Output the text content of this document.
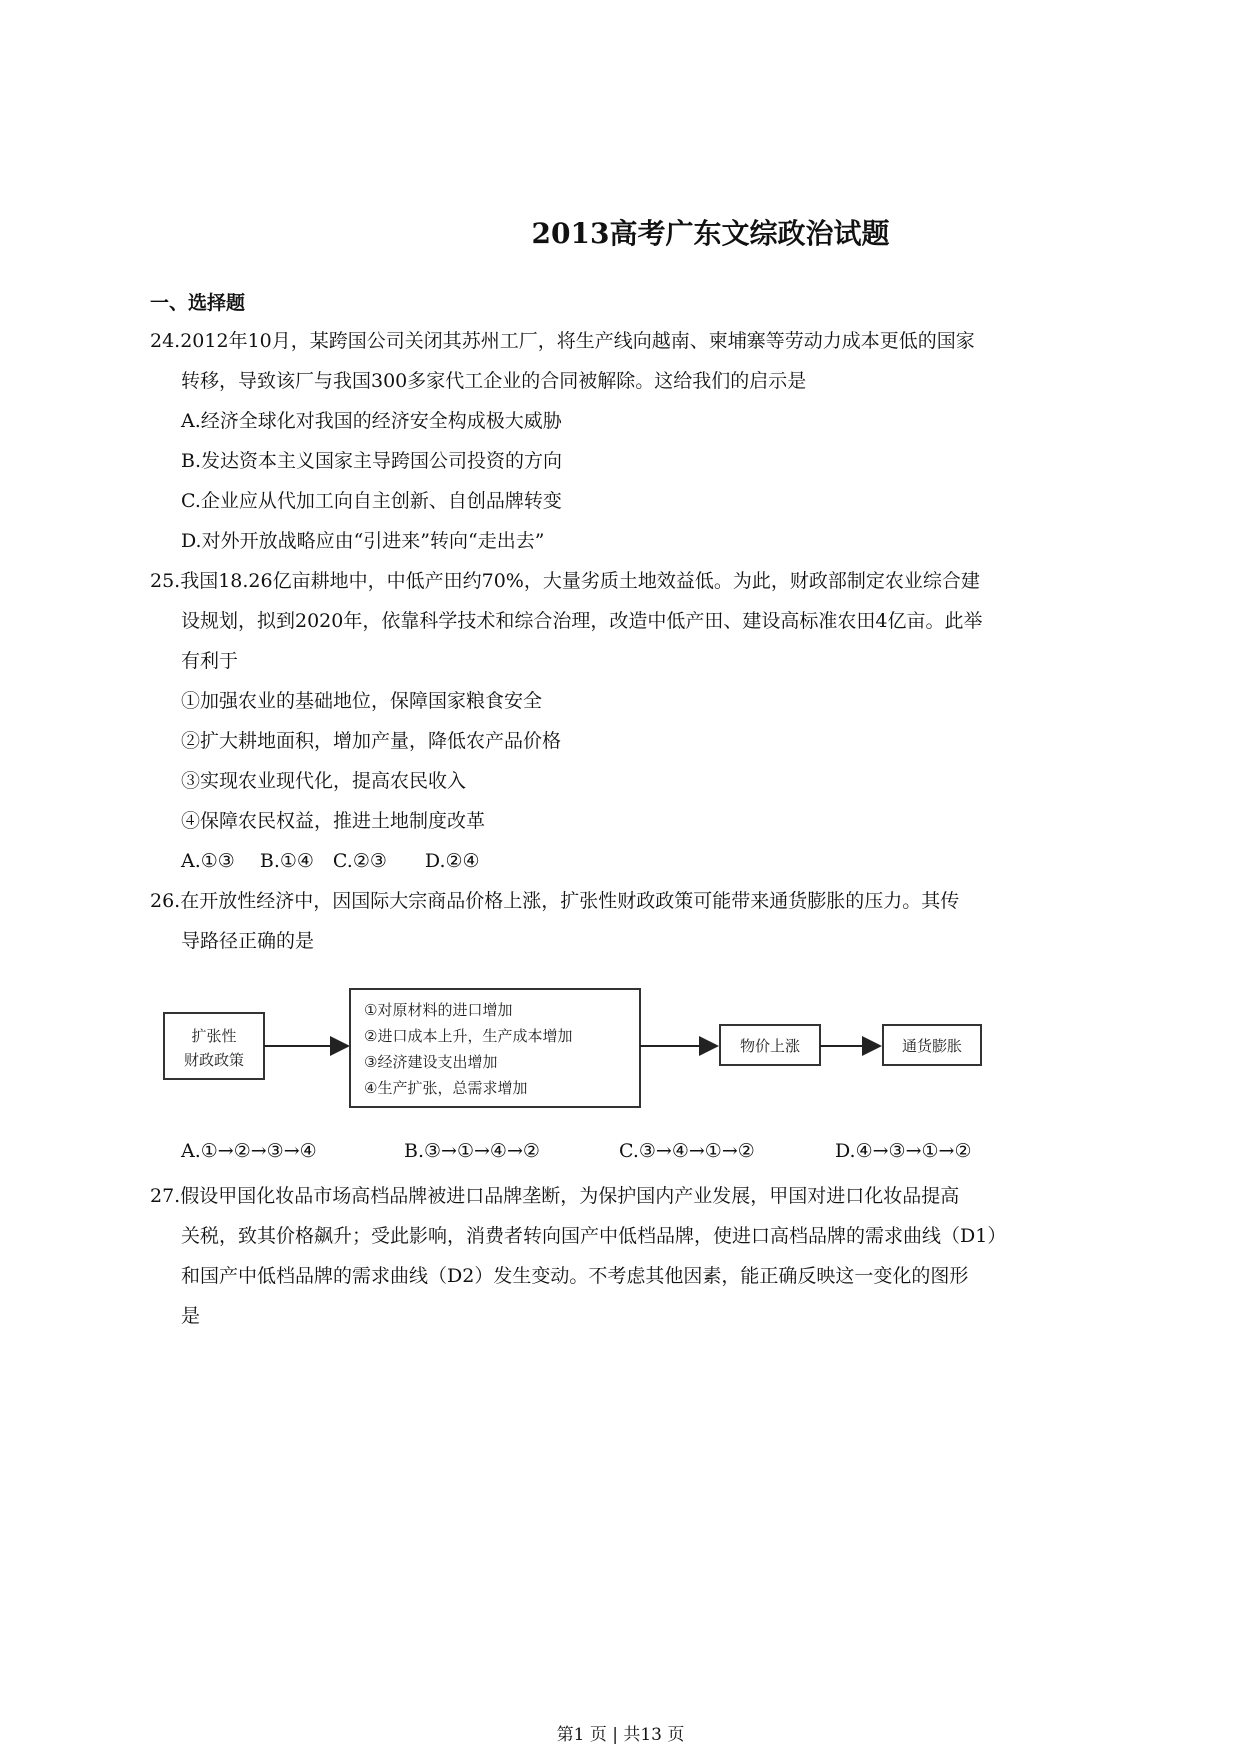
2013高考广东文综政治试题
一、选择题
24.2012年10月，某跨国公司关闭其苏州工厂，将生产线向越南、柬埔寨等劳动力成本更低的国家
转移，导致该厂与我国300多家代工企业的合同被解除。这给我们的启示是
A.经济全球化对我国的经济安全构成极大威胁
B.发达资本主义国家主导跨国公司投资的方向
C.企业应从代加工向自主创新、自创品牌转变
D.对外开放战略应由“引进来”转向“走出去”
25.我国18.26亿亩耕地中，中低产田约70%，大量劣质土地效益低。为此，财政部制定农业综合建
设规划，拟到2020年，依靠科学技术和综合治理，改造中低产田、建设高标准农田4亿亩。此举
有利于
①加强农业的基础地位，保障国家粮食安全
②扩大耕地面积，增加产量，降低农产品价格
③实现农业现代化，提高农民收入
④保障农民权益，推进土地制度改革
A.①③　 B.①④　C.②③　　D.②④
26.在开放性经济中，因国际大宗商品价格上涨，扩张性财政政策可能带来通货膨胀的压力。其传
导路径正确的是
扩张性
财政政策
①对原材料的进口增加
②进口成本上升，生产成本增加
③经济建设支出增加
④生产扩张，总需求增加
物价上涨	通货膨胀
A.①→②→③→④	B.③→①→④→②	C.③→④→①→②	D.④→③→①→②
27.假设甲国化妆品市场高档品牌被进口品牌垄断，为保护国内产业发展，甲国对进口化妆品提高
关税，致其价格飙升；受此影响，消费者转向国产中低档品牌，使进口高档品牌的需求曲线（D1）
和国产中低档品牌的需求曲线（D2）发生变动。不考虑其他因素，能正确反映这一变化的图形
是
第1 页 | 共13 页
